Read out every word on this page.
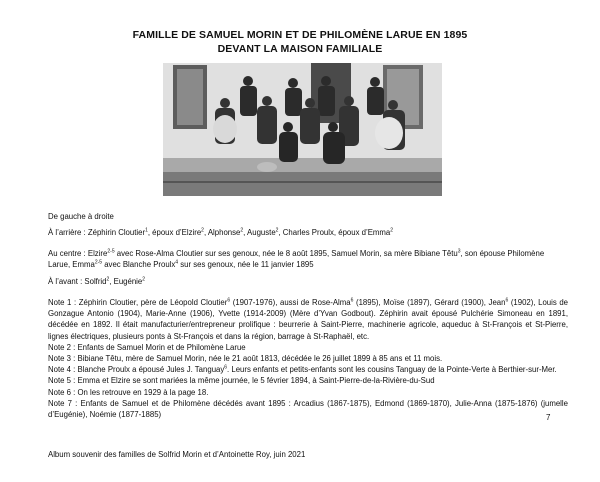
FAMILLE DE SAMUEL MORIN ET DE PHILOMÈNE LARUE EN 1895
DEVANT LA MAISON FAMILIALE
De gauche à droite
À l’arrière : Zéphirin Cloutier$^1$, époux d’Elzire$^2$, Alphonse$^2$, Auguste$^2$, Charles Proulx, époux d’Emma$^2$
Au centre : Elzire$^{2-5}$ avec Rose-Alma Cloutier sur ses genoux, née le 8 août 1895, Samuel Morin, sa mère Bibiane Têtu$^3$, son épouse Philomène Larue, Emma$^{2-5}$ avec Blanche Proulx$^4$ sur ses genoux, née le 11 janvier 1895
À l’avant : Solfrid$^2$, Eugénie$^2$

Note 1 : Zéphirin Cloutier, père de Léopold Cloutier$^6$ (1907-1976), aussi de Rose-Alma$^6$ (1895), Moïse (1897), Gérard (1900), Jean$^6$ (1902), Louis de Gonzague Antonio (1904), Marie-Anne (1906), Yvette (1914-2009) (Mère d’Yvan Godbout). Zéphirin avait épousé Pulchérie Simoneau en 1891, décédée en 1892. Il était manufacturier/entrepreneur prolifique : beurrerie à Saint-Pierre, machinerie agricole, aqueduc à St-François et St-Pierre, lignes électriques, plusieurs ponts à St-François et dans la région, barrage à St-Raphaël, etc.

Note 2 : Enfants de Samuel Morin et de Philomène Larue

Note 3 : Bibiane Têtu, mère de Samuel Morin, née le 21 août 1813, décédée le 26 juillet 1899 à 85 ans et 11 mois.

Note 4 : Blanche Proulx a épousé Jules J. Tanguay$^6$. Leurs enfants et petits-enfants sont les cousins Tanguay de la Pointe-Verte à Berthier-sur-Mer.

Note 5 : Emma et Elzire se sont mariées la même journée, le 5 février 1894, à Saint-Pierre-de-la-Rivière-du-Sud

Note 6 : On les retrouve en 1929 à la page 18.

Note 7 : Enfants de Samuel et de Philomène décédés avant 1895 : Arcadius (1867-1875), Edmond (1869-1870), Julie-Anna (1875-1876) (jumelle d’Eugénie), Noémie (1877-1885)	7
Album souvenir des familles de Solfrid Morin et d’Antoinette Roy, juin 2021
